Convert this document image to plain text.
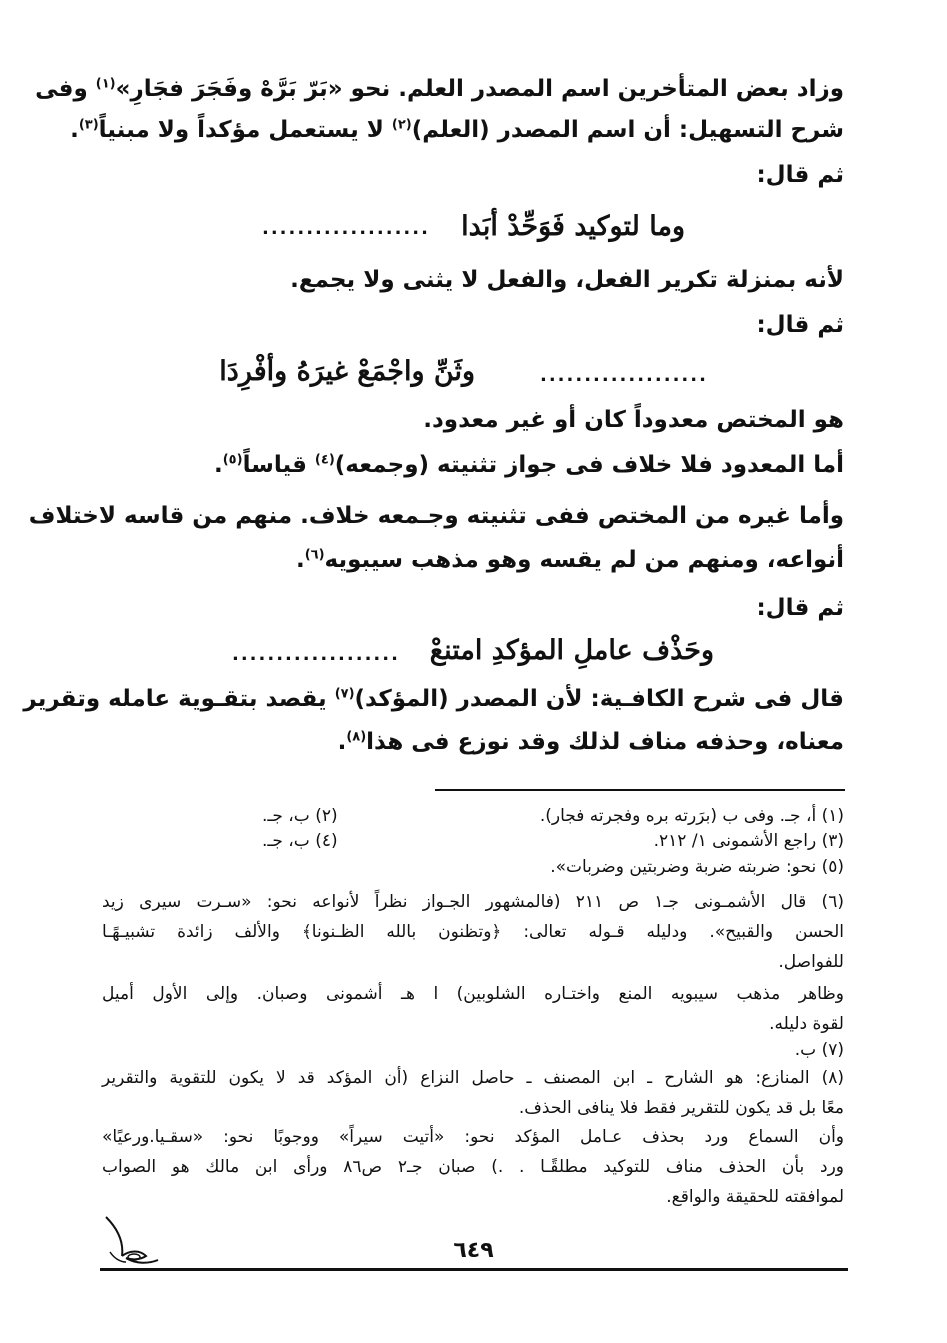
وزاد بعض المتأخرين اسم المصدر العلم. نحو «بَرّ بَرَّهْ وفَجَرَ فجَارِ»$^{(١)}$ وفى
شرح التسهيل: أن اسم المصدر (العلم)$^{(٢)}$ لا يستعمل مؤكداً ولا مبنياً$^{(٣)}$.
ثم قال:
وما لتوكيد فَوَحِّدْ أبَدا
...................
لأنه بمنزلة تكرير الفعل، والفعل لا يثنى ولا يجمع.
ثم قال:
وثَنِّ واجْمَعْ غيرَهُ وأفْرِدَا	...................
هو المختص معدوداً كان أو غير معدود.
أما المعدود فلا خلاف فى جواز تثنيته (وجمعه)$^{(٤)}$ قياساً$^{(٥)}$.
وأما غيره من المختص ففى تثنيته وجـمعه خلاف. منهم من قاسه لاختلاف
أنواعه، ومنهم من لم يقسه وهو مذهب سيبويه$^{(٦)}$.
ثم قال:
وحَذْف عاملِ المؤكدِ امتنعْ
...................
قال فى شرح الكافـية: لأن المصدر (المؤكد)$^{(٧)}$ يقصد بتقـوية عامله وتقرير
معناه، وحذفه مناف لذلك وقد نوزع فى هذا$^{(٨)}$.
(١) أ، جـ. وفى ب (برَرته بره وفجرته فجار).
(٢) ب، جـ.
(٣) راجع الأشمونى ١/ ٢١٢.
(٤) ب، جـ.
(٥) نحو: ضربته ضربة وضربتين وضربات».
(٦) قال الأشمـونى جـ١ ص ٢١١ (فالمشهور الجـواز نظراً لأنواعه نحو: «سـرت سيرى زيد
الحسن والقبيح». ودليله قـوله تعالى: ﴿وتظنون بالله الظـنونا﴾ والألف زائدة تشبيـهًـا
للفواصل.
وظاهر مذهب سيبويه المنع واختـاره الشلوبين) ا هـ أشمونى وصبان. وإلى الأول أميل
لقوة دليله.
(٧) ب.
(٨) المنازع: هو الشارح ـ ابن المصنف ـ حاصل النزاع (أن المؤكد قد لا يكون للتقوية والتقرير
معًا بل قد يكون للتقرير فقط فلا ينافى الحذف.
وأن السماع ورد بحذف عـامل المؤكد نحو: «أتيت سيراً» ووجوبًا نحو: «سقـيا.ورعيًا»
ورد بأن الحذف مناف للتوكيد مطلقًـا . .) صبان جـ٢ ص٨٦ ورأى ابن مالك هو الصواب
لموافقته للحقيقة والواقع.
٦٤٩
